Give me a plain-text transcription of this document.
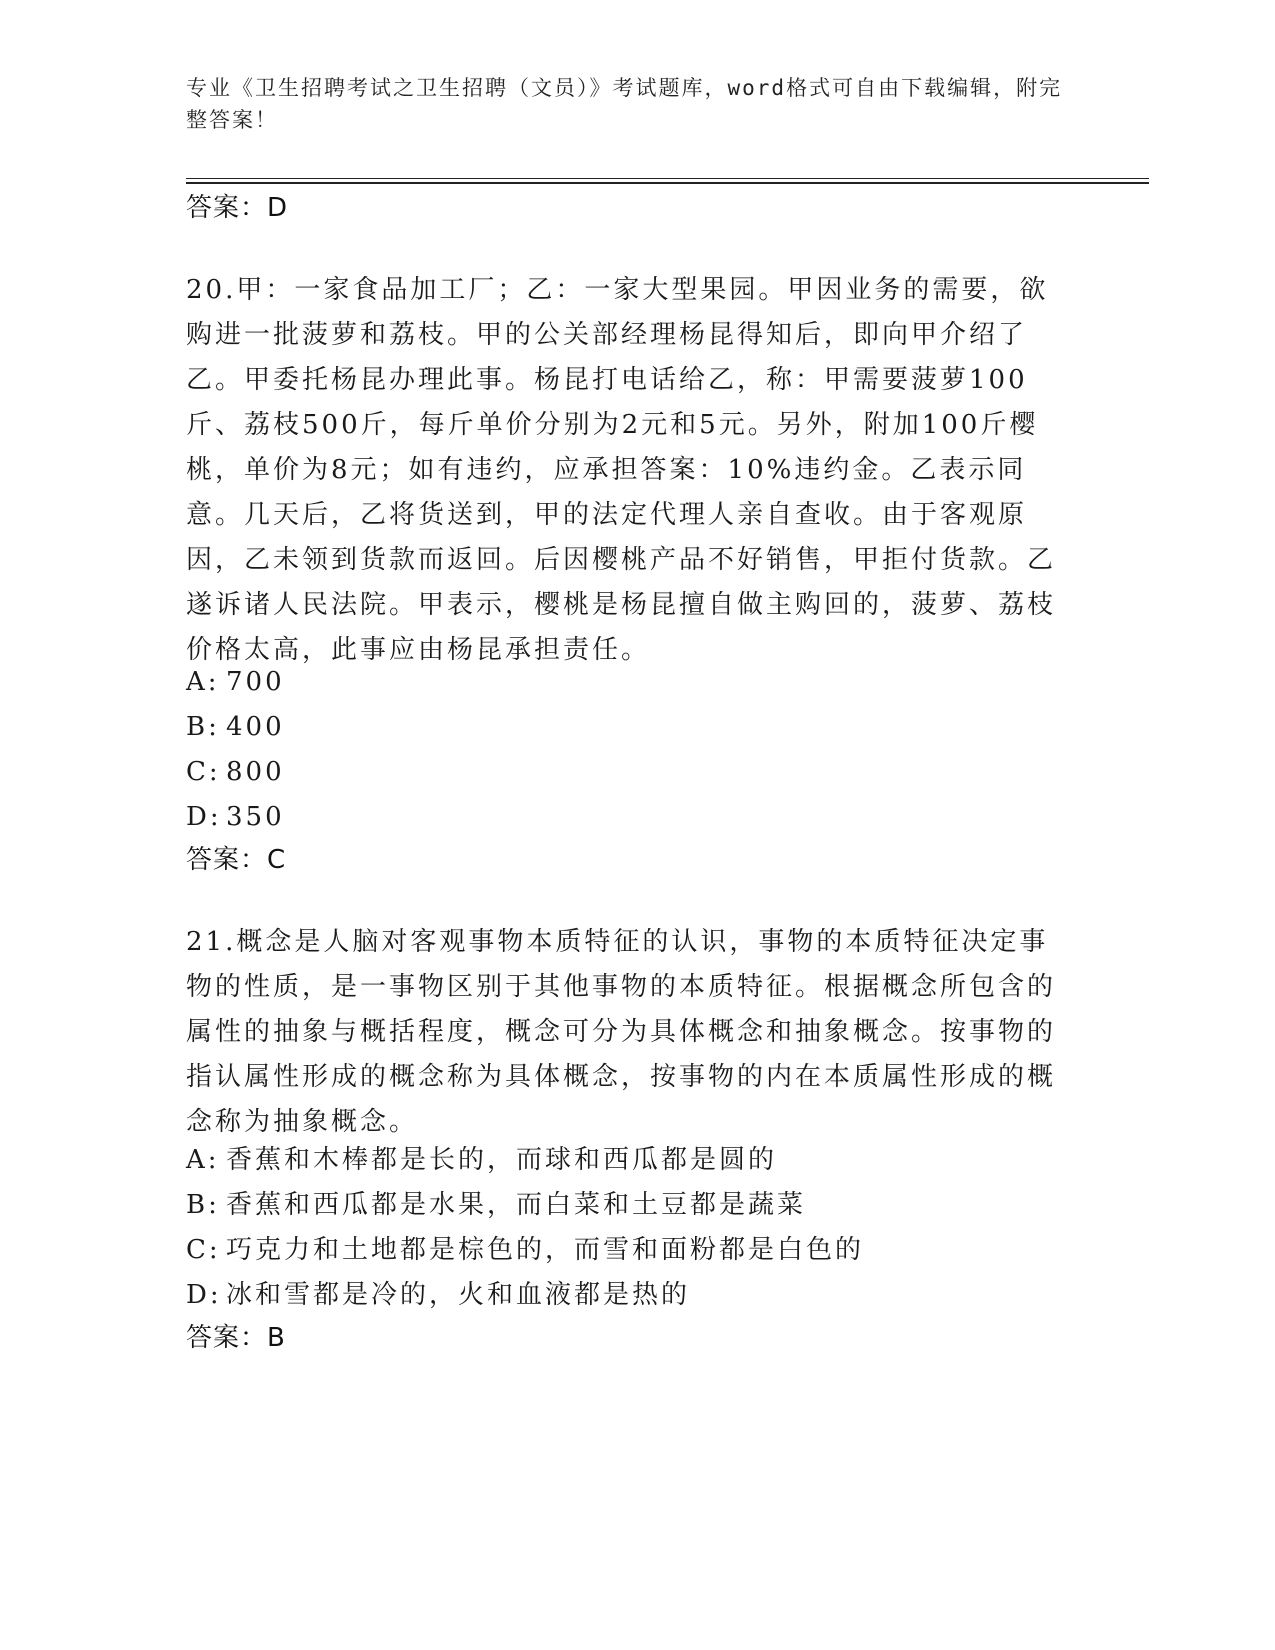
专业《卫生招聘考试之卫生招聘（文员）》考试题库，word格式可自由下载编辑，附完整答案！
答案：D
20.甲：一家食品加工厂；乙：一家大型果园。甲因业务的需要，欲购进一批菠萝和荔枝。甲的公关部经理杨昆得知后，即向甲介绍了乙。甲委托杨昆办理此事。杨昆打电话给乙，称：甲需要菠萝100斤、荔枝500斤，每斤单价分别为2元和5元。另外，附加100斤樱桃，单价为8元；如有违约，应承担答案：10%违约金。乙表示同意。几天后，乙将货送到，甲的法定代理人亲自查收。由于客观原因，乙未领到货款而返回。后因樱桃产品不好销售，甲拒付货款。乙遂诉诸人民法院。甲表示，樱桃是杨昆擅自做主购回的，菠萝、荔枝价格太高，此事应由杨昆承担责任。
A: 700
B: 400
C: 800
D: 350
答案：C
21.概念是人脑对客观事物本质特征的认识，事物的本质特征决定事物的性质，是一事物区别于其他事物的本质特征。根据概念所包含的属性的抽象与概括程度，概念可分为具体概念和抽象概念。按事物的指认属性形成的概念称为具体概念，按事物的内在本质属性形成的概念称为抽象概念。
A: 香蕉和木棒都是长的，而球和西瓜都是圆的
B: 香蕉和西瓜都是水果，而白菜和土豆都是蔬菜
C: 巧克力和土地都是棕色的，而雪和面粉都是白色的
D: 冰和雪都是冷的，火和血液都是热的
答案：B
